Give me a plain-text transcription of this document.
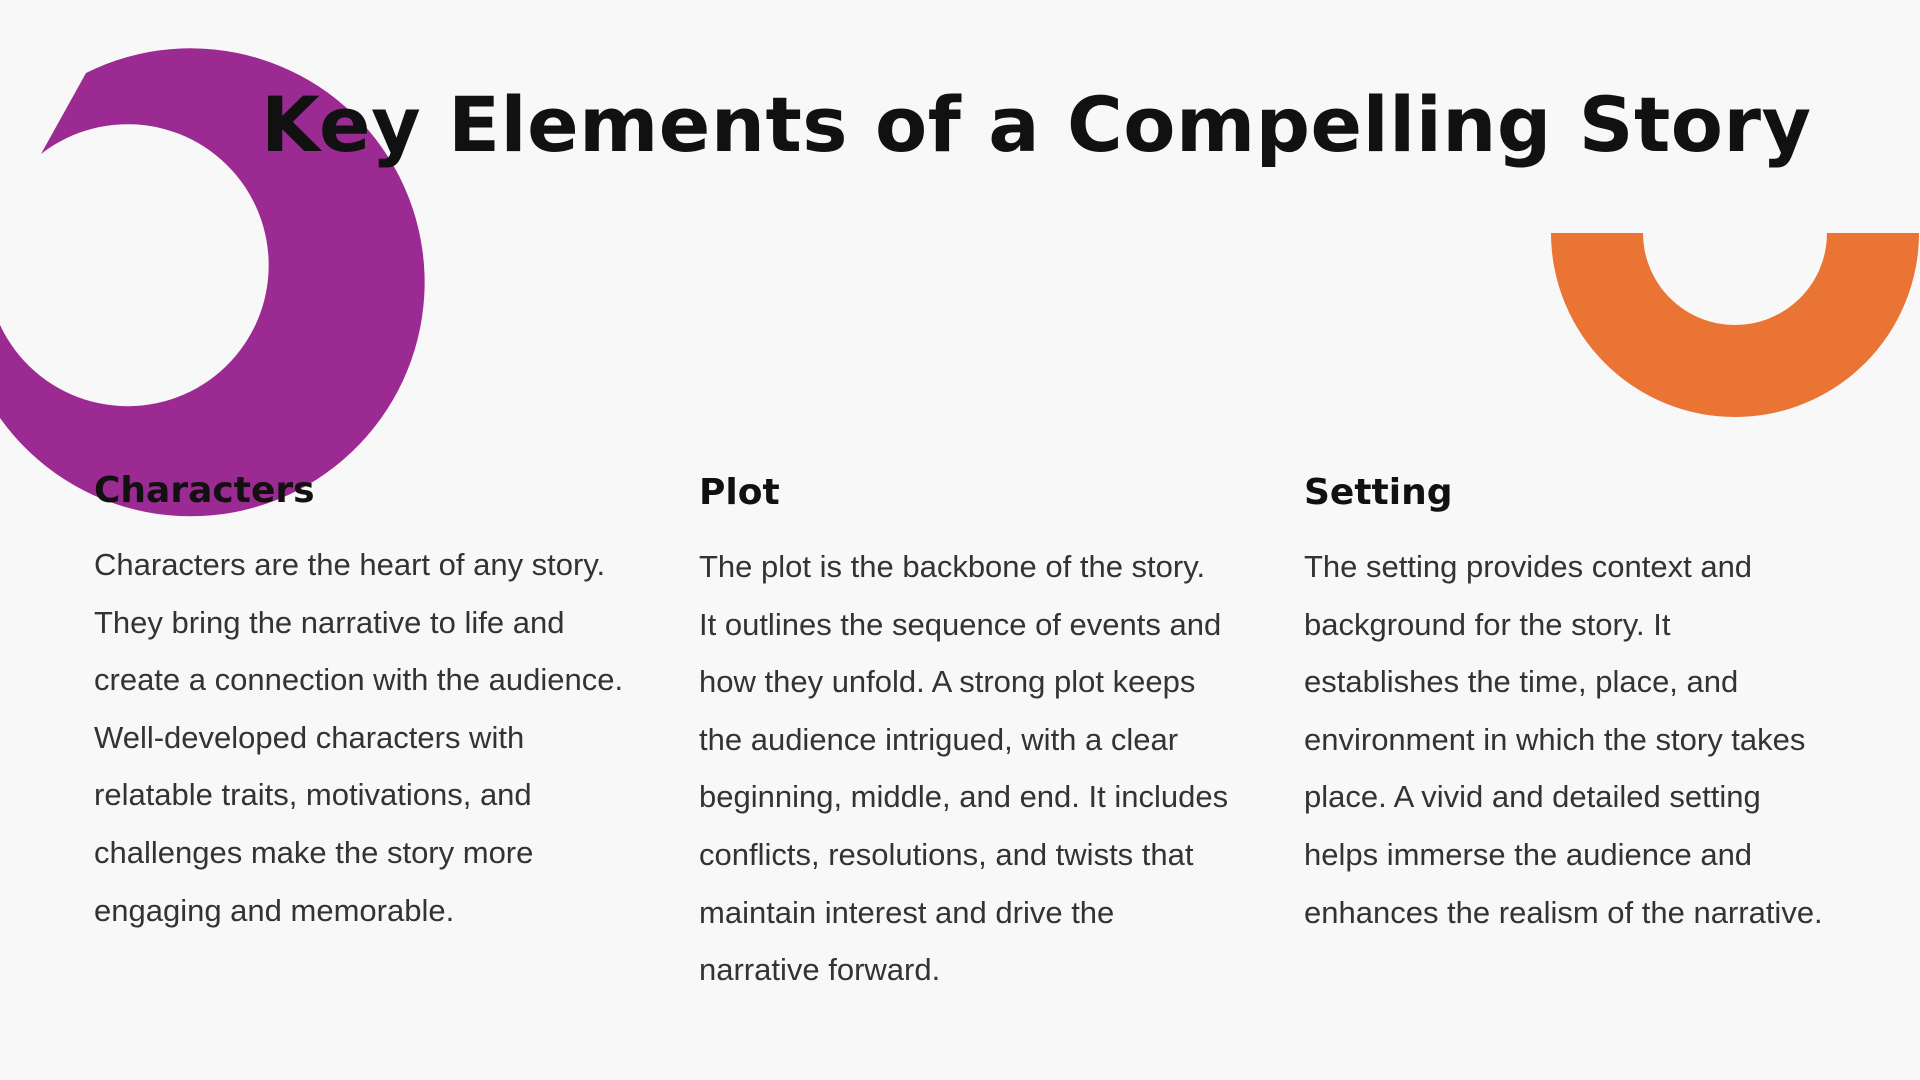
Key Elements of a Compelling Story
Characters

Characters are the heart of any story. They bring the narrative to life and create a connection with the audience. Well-developed characters with relatable traits, motivations, and challenges make the story more engaging and memorable.

Plot

The plot is the backbone of the story. It outlines the sequence of events and how they unfold. A strong plot keeps the audience intrigued, with a clear beginning, middle, and end. It includes conflicts, resolutions, and twists that maintain interest and drive the narrative forward.

Setting

The setting provides context and background for the story. It establishes the time, place, and environment in which the story takes place. A vivid and detailed setting helps immerse the audience and enhances the realism of the narrative.
